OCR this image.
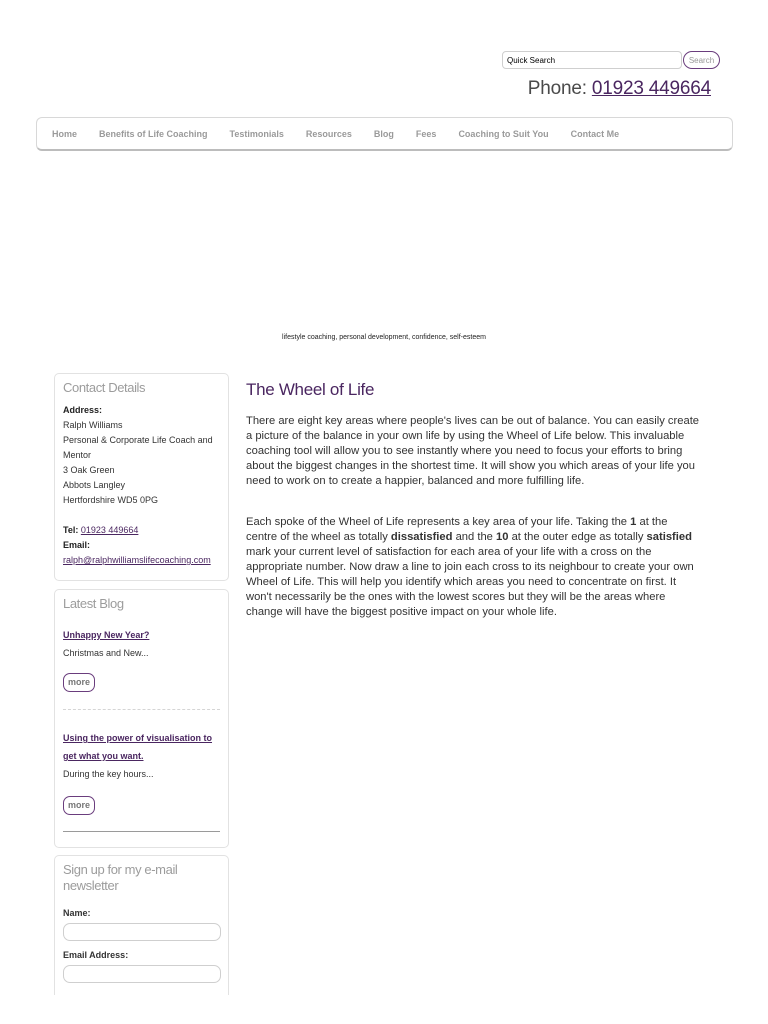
Quick Search
Search
Phone: 01923 449664
Home Benefits of Life Coaching Testimonials Resources Blog Fees Coaching to Suit You Contact Me
lifestyle coaching, personal development, confidence, self-esteem
Contact Details
Address:
Ralph Williams
Personal & Corporate Life Coach and Mentor
3 Oak Green
Abbots Langley
Hertfordshire WD5 0PG

Tel: 01923 449664
Email:
ralph@ralphwilliamslifecoaching.com
Latest Blog
Unhappy New Year?
Christmas and New...
more
Using the power of visualisation to get what you want.
During the key hours...
more
Sign up for my e-mail newsletter
Name:
Email Address:
The Wheel of Life

There are eight key areas where people's lives can be out of balance. You can easily create a picture of the balance in your own life by using the Wheel of Life below. This invaluable coaching tool will allow you to see instantly where you need to focus your efforts to bring about the biggest changes in the shortest time. It will show you which areas of your life you need to work on to create a happier, balanced and more fulfilling life.

Each spoke of the Wheel of Life represents a key area of your life. Taking the 1 at the centre of the wheel as totally dissatisfied and the 10 at the outer edge as totally satisfied mark your current level of satisfaction for each area of your life with a cross on the appropriate number. Now draw a line to join each cross to its neighbour to create your own Wheel of Life. This will help you identify which areas you need to concentrate on first. It won't necessarily be the ones with the lowest scores but they will be the areas where change will have the biggest positive impact on your whole life.
